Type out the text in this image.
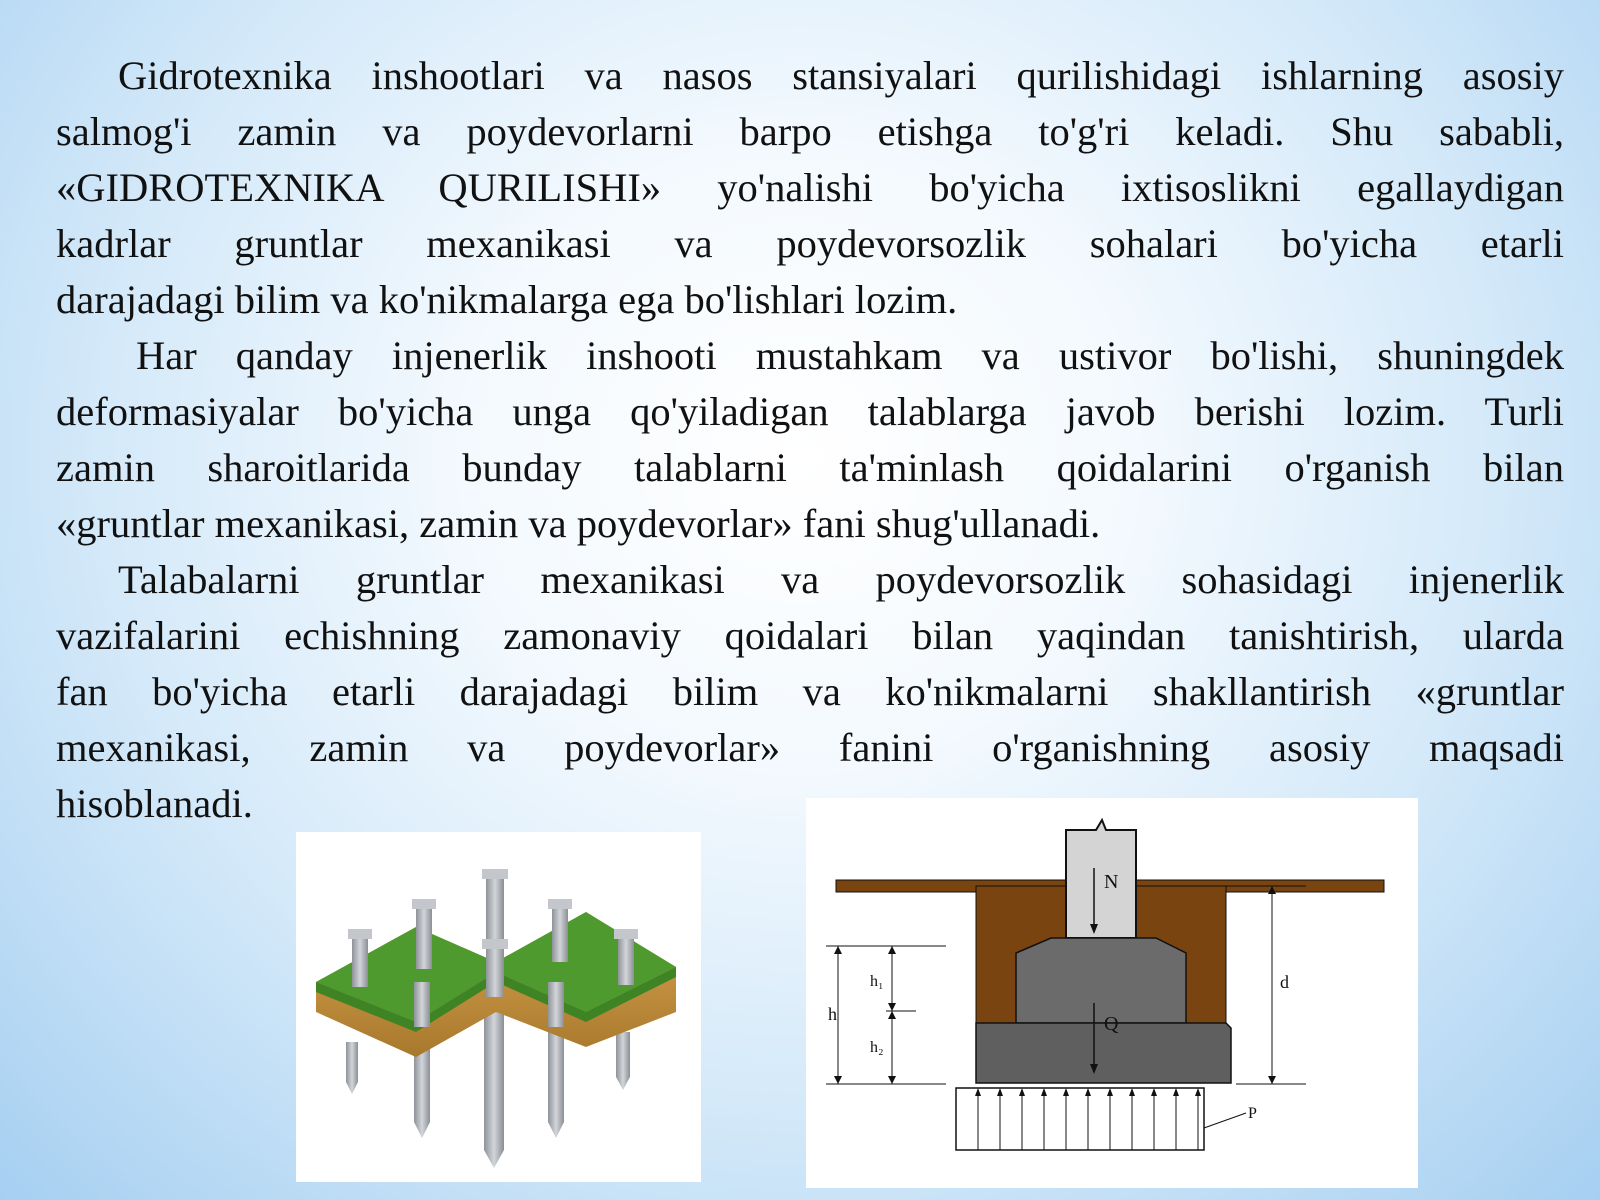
Gidrotexnika inshootlari va nasos stansiyalari qurilishidagi ishlarning asosiy

salmog'i zamin va poydevorlarni barpo etishga to'g'ri keladi. Shu sababli,

«GIDROTEXNIKA QURILISHI» yo'nalishi bo'yicha ixtisoslikni egallaydigan

kadrlar gruntlar mexanikasi va poydevorsozlik sohalari bo'yicha etarli

darajadagi bilim va ko'nikmalarga ega bo'lishlari lozim.

Har qanday injenerlik inshooti mustahkam va ustivor bo'lishi, shuningdek

deformasiyalar bo'yicha unga qo'yiladigan talablarga javob berishi lozim. Turli

zamin sharoitlarida bunday talablarni ta'minlash qoidalarini o'rganish bilan

«gruntlar mexanikasi, zamin va poydevorlar» fani shug'ullanadi.

Talabalarni gruntlar mexanikasi va poydevorsozlik sohasidagi injenerlik

vazifalarini echishning zamonaviy qoidalari bilan yaqindan tanishtirish, ularda

fan bo'yicha etarli darajadagi bilim va ko'nikmalarni shakllantirish «gruntlar

mexanikasi, zamin va poydevorlar» fanini o'rganishning asosiy maqsadi

hisoblanadi.

N
Q
h
h₁
h₂
d
P
